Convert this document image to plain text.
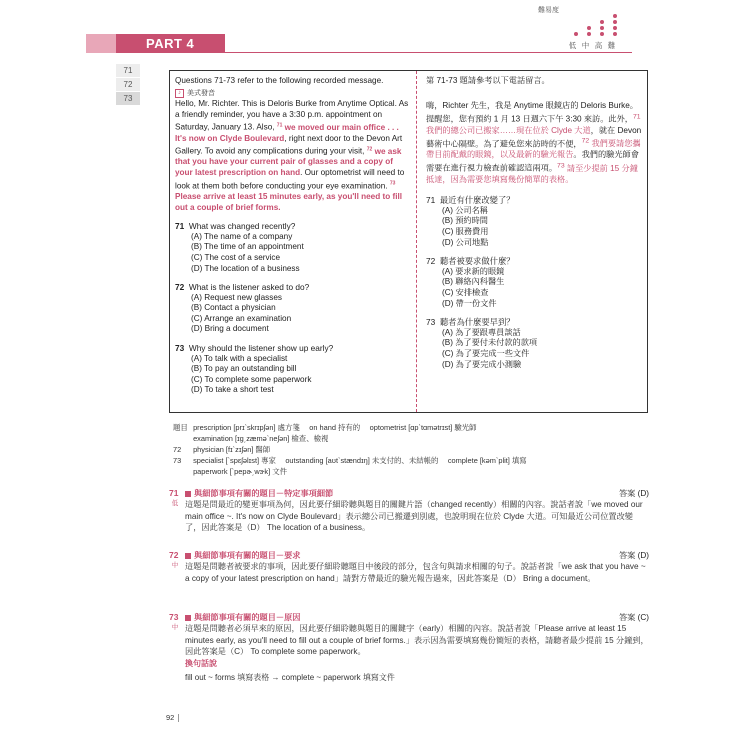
PART 4
難易度
低 中 高 難
71
72
73
Questions 71-73 refer to the following recorded message.
♪ 美式發音
Hello, Mr. Richter. This is Deloris Burke from Anytime Optical. As a friendly reminder, you have a 3:30 p.m. appointment on Saturday, January 13. Also, $^{71}$ we moved our main office . . . It's now on Clyde Boulevard, right next door to the Devon Art Gallery. To avoid any complications during your visit, $^{72}$ we ask that you have your current pair of glasses and a copy of your latest prescription on hand. Our optometrist will need to look at them both before conducting your eye examination. $^{73}$ Please arrive at least 15 minutes early, as you'll need to fill out a couple of brief forms.
71 What was changed recently?
(A) The name of a company
(B) The time of an appointment
(C) The cost of a service
(D) The location of a business
72 What is the listener asked to do?
(A) Request new glasses
(B) Contact a physician
(C) Arrange an examination
(D) Bring a document
73 Why should the listener show up early?
(A) To talk with a specialist
(B) To pay an outstanding bill
(C) To complete some paperwork
(D) To take a short test
第 71-73 題請參考以下電話留言。
嗨，Richter 先生，我是 Anytime 眼鏡店的 Deloris Burke。提醒您，您有預約 1 月 13 日週六下午 3:30 來訪。此外，$^{71}$ 我們的總公司已搬家……現在位於 Clyde 大道，就在 Devon 藝術中心隔壁。為了避免您來訪時的不便，$^{72}$ 我們要請您攜帶目前配戴的眼鏡，以及最新的驗光報告。我們的驗光師會需要在進行視力檢查前確認這兩項。$^{73}$ 請至少提前 15 分鐘抵達，因為需要您填寫幾份簡單的表格。
71 最近有什麼改變了？
(A) 公司名稱
(B) 預約時間
(C) 服務費用
(D) 公司地點
72 聽者被要求做什麼？
(A) 要求新的眼鏡
(B) 聯絡內科醫生
(C) 安排檢查
(D) 帶一份文件
73 聽者為什麼要早到？
(A) 為了要跟專員談話
(B) 為了要付未付款的款項
(C) 為了要完成一些文件
(D) 為了要完成小測驗
題目 prescription [prɪˋskrɪpʃən] 處方箋　 on hand 持有的　 optometrist [ɑpˋtɑmətrɪst] 驗光師
examination [ɪg͵zæməˋneʃən] 檢查、檢視
72 physician [fɪˋzɪʃən] 醫師
73 specialist [ˋspɛʃəlɪst] 專家　 outstanding [aʊtˋstændɪŋ] 未支付的、未結帳的　 complete [kəmˋplit] 填寫
paperwork [ˋpepɚ͵wɝk] 文件
71	與細節事項有關的題目－特定事項細節	答案 (D)
低 這題是問最近的變更事項為何，因此要仔細聆聽與題目的關鍵片語（changed recently）相關的內容。說話者說「we moved our main office ~. It's now on Clyde Boulevard」表示總公司已搬遷到別處，也說明現在位於 Clyde 大道。可知最近公司位置改變了，因此答案是（D） The location of a business。
72	與細節事項有關的題目－要求	答案 (D)
中 這題是問聽者被要求的事項，因此要仔細聆聽題目中後段的部分，包含句與請求相關的句子。說話者說「we ask that you have ~ a copy of your latest prescription on hand」請對方帶最近的驗光報告過來，因此答案是（D） Bring a document。
73	與細節事項有關的題目－原因	答案 (C)
中 這題是問聽者必須早來的原因，因此要仔細聆聽與題目的關鍵字（early）相關的內容。說話者說「Please arrive at least 15 minutes early, as you'll need to fill out a couple of brief forms.」表示因為需要填寫幾份簡短的表格，請聽者最少提前 15 分鐘到，因此答案是（C） To complete some paperwork。
換句話說
fill out ~ forms 填寫表格 → complete ~ paperwork 填寫文件
92
